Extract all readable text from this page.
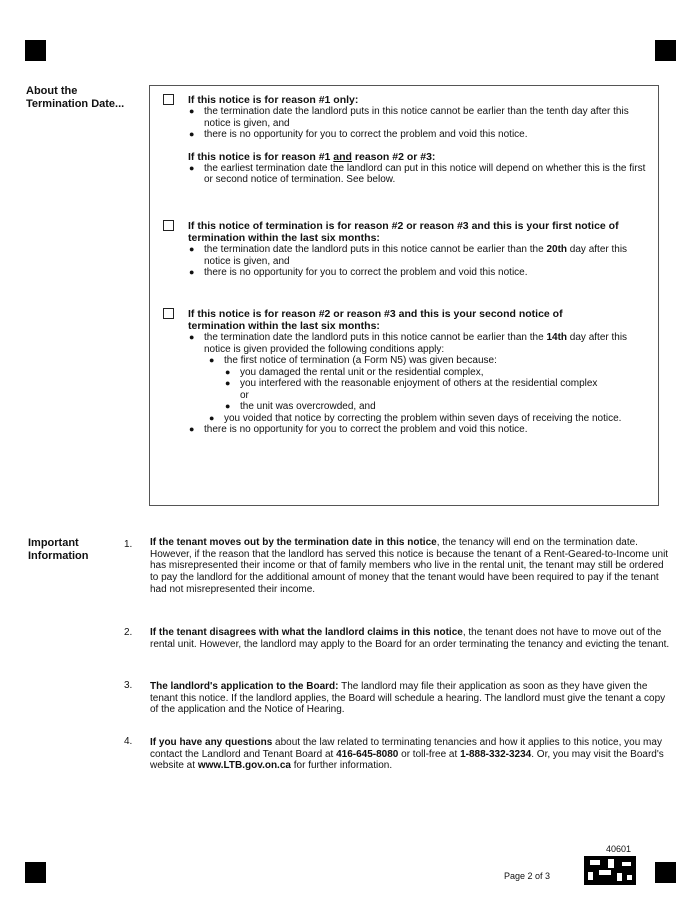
About the
Termination Date...
Important
Information
If this notice is for reason #1 only:
● the termination date the landlord puts in this notice cannot be earlier than the tenth day after this notice is given, and
● there is no opportunity for you to correct the problem and void this notice.
If this notice is for reason #1 and reason #2 or #3:
● the earliest termination date the landlord can put in this notice will depend on whether this is the first or second notice of termination. See below.
If this notice of termination is for reason #2 or reason #3 and this is your first notice of termination within the last six months:
● the termination date the landlord puts in this notice cannot be earlier than the 20th day after this notice is given, and
● there is no opportunity for you to correct the problem and void this notice.
If this notice is for reason #2 or reason #3 and this is your second notice of termination within the last six months:
● the termination date the landlord puts in this notice cannot be earlier than the 14th day after this notice is given provided the following conditions apply:
● the first notice of termination (a Form N5) was given because:
● you damaged the rental unit or the residential complex,
● you interfered with the reasonable enjoyment of others at the residential complex or
● the unit was overcrowded, and
● you voided that notice by correcting the problem within seven days of receiving the notice.
● there is no opportunity for you to correct the problem and void this notice.
1. If the tenant moves out by the termination date in this notice, the tenancy will end on the termination date. However, if the reason that the landlord has served this notice is because the tenant of a Rent-Geared-to-Income unit has misrepresented their income or that of family members who live in the rental unit, the tenant may still be ordered to pay the landlord for the additional amount of money that the tenant would have been required to pay if the tenant had not misrepresented their income.
2. If the tenant disagrees with what the landlord claims in this notice, the tenant does not have to move out of the rental unit. However, the landlord may apply to the Board for an order terminating the tenancy and evicting the tenant.
3. The landlord's application to the Board: The landlord may file their application as soon as they have given the tenant this notice. If the landlord applies, the Board will schedule a hearing. The landlord must give the tenant a copy of the application and the Notice of Hearing.
4. If you have any questions about the law related to terminating tenancies and how it applies to this notice, you may contact the Landlord and Tenant Board at 416-645-8080 or toll-free at 1-888-332-3234. Or, you may visit the Board's website at www.LTB.gov.on.ca for further information.
40601
Page 2 of 3
